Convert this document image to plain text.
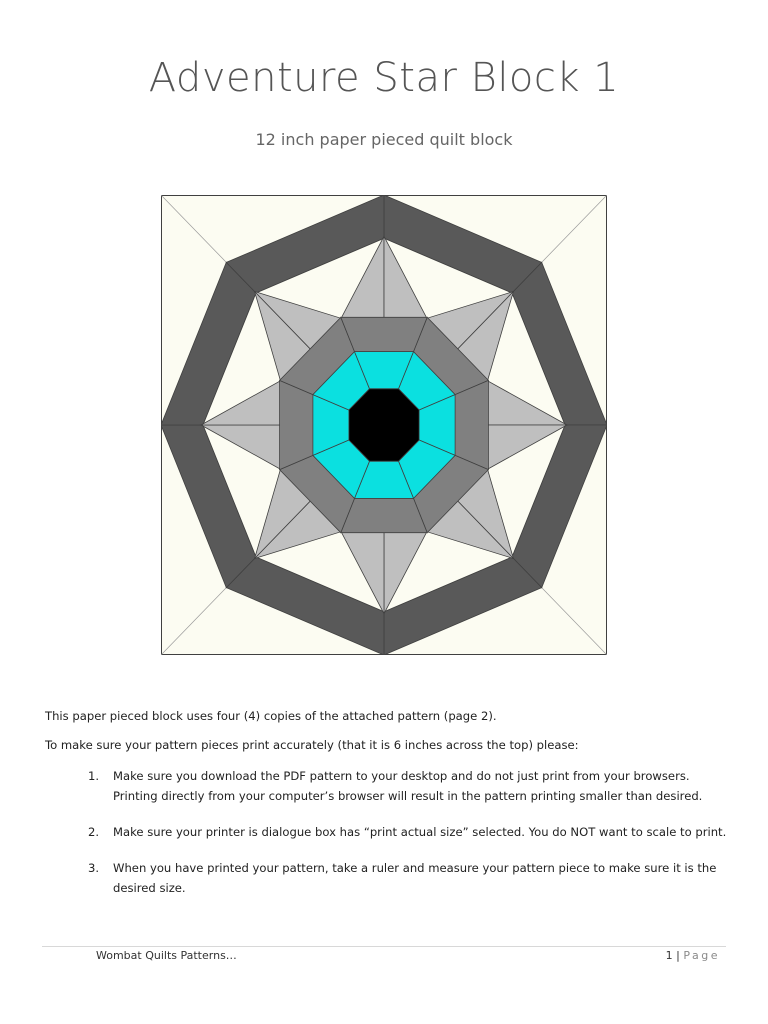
Adventure Star Block 1
12 inch paper pieced quilt block

This paper pieced block uses four (4) copies of the attached pattern (page 2).

To make sure your pattern pieces print accurately (that it is 6 inches across the top) please:

1. Make sure you download the PDF pattern to your desktop and do not just print from your browsers. Printing directly from your computer’s browser will result in the pattern printing smaller than desired.
2. Make sure your printer is dialogue box has “print actual size” selected. You do NOT want to scale to print.
3. When you have printed your pattern, take a ruler and measure your pattern piece to make sure it is the desired size.
Wombat Quilts Patterns…	1 | Page
